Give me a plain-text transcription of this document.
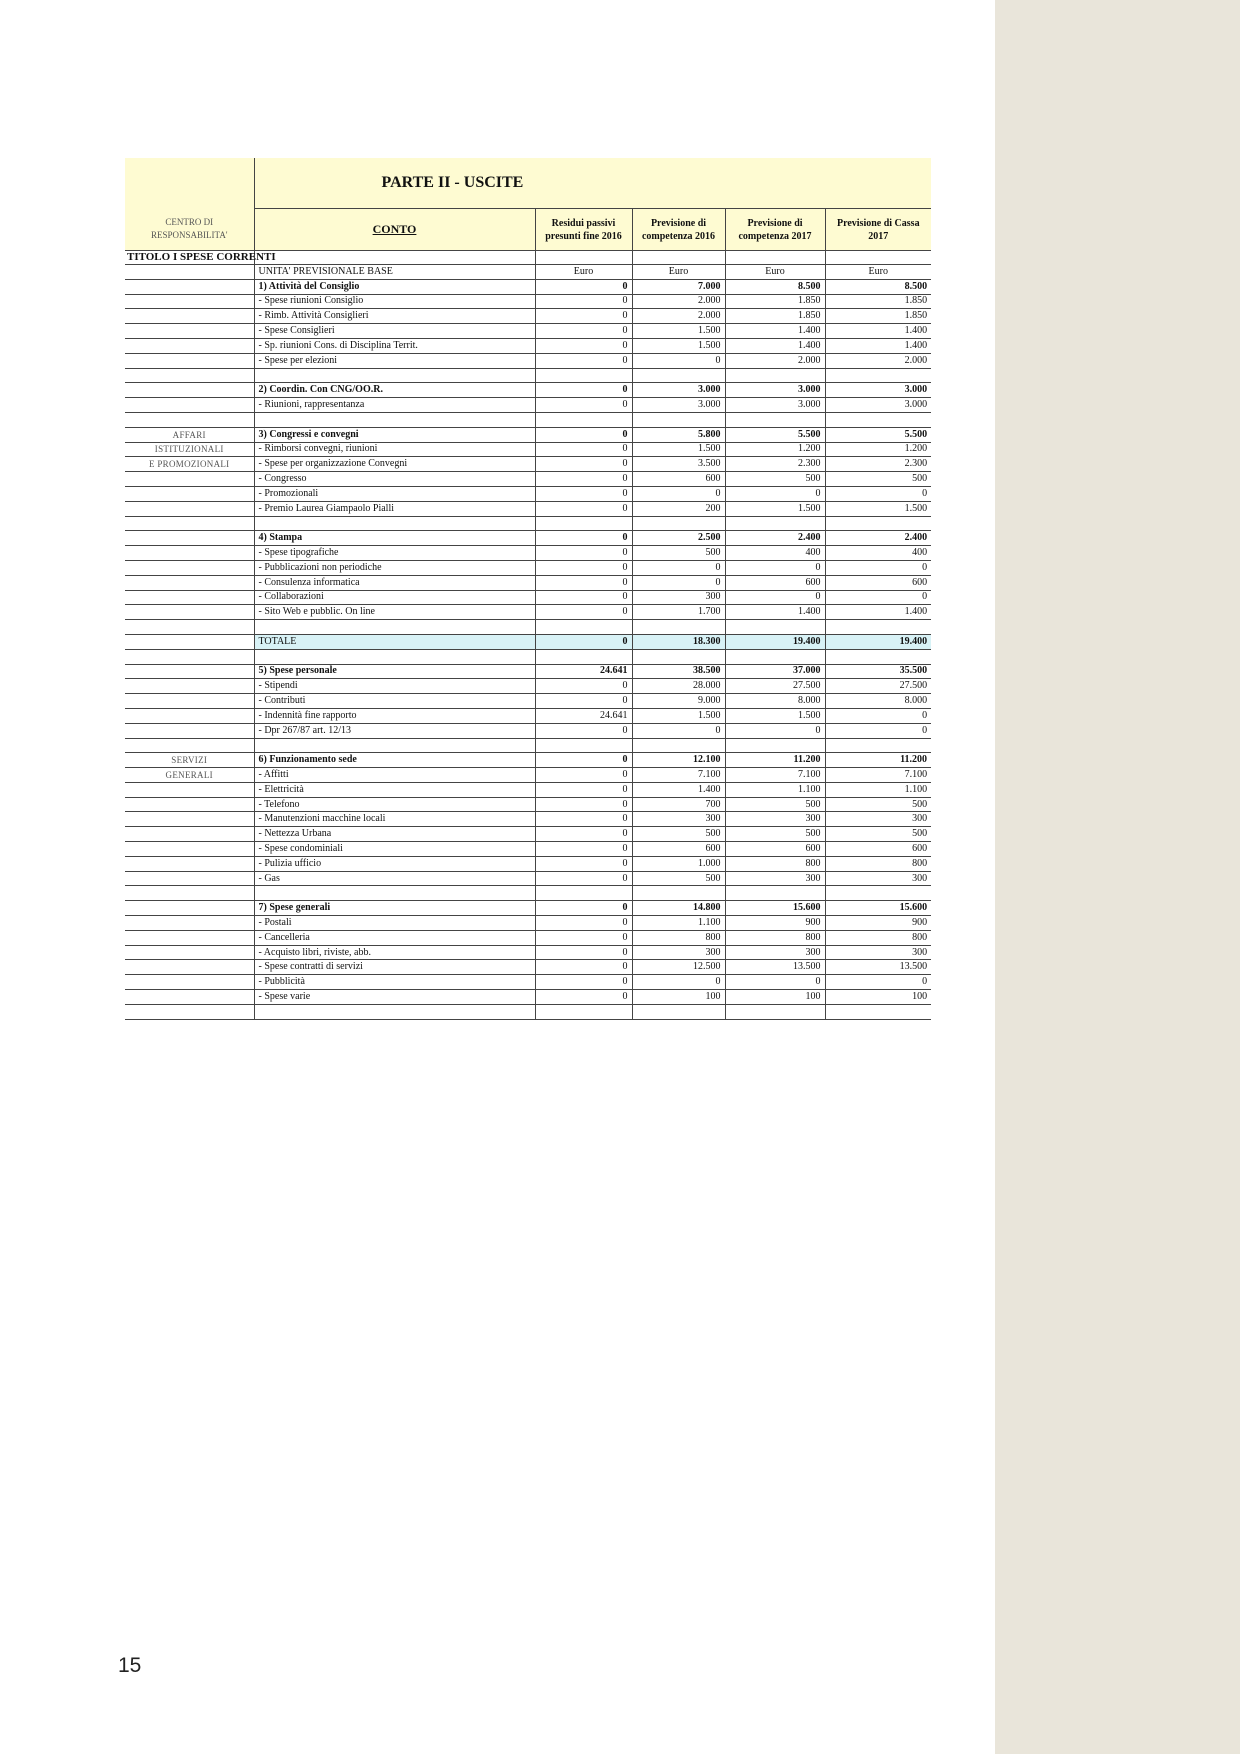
	PARTE II - USCITE				
CENTRO DI RESPONSABILITA'	CONTO	Residui passivi presunti fine 2016	Previsione di competenza 2016	Previsione di competenza 2017	Previsione di Cassa 2017

TITOLO I SPESE CORRENTI					

	UNITA' PREVISIONALE BASE	Euro	Euro	Euro	Euro
	1) Attività del Consiglio	0	7.000	8.500	8.500
	- Spese riunioni Consiglio	0	2.000	1.850	1.850
	- Rimb. Attività Consiglieri	0	2.000	1.850	1.850
	- Spese Consiglieri	0	1.500	1.400	1.400
	- Sp. riunioni Cons. di Disciplina Territ.	0	1.500	1.400	1.400
	- Spese per elezioni	0	0	2.000	2.000

	2) Coordin. Con CNG/OO.R.	0	3.000	3.000	3.000
	- Riunioni, rappresentanza	0	3.000	3.000	3.000

AFFARI	3) Congressi e convegni	0	5.800	5.500	5.500
ISTITUZIONALI	- Rimborsi convegni, riunioni	0	1.500	1.200	1.200
E PROMOZIONALI	- Spese per organizzazione Convegni	0	3.500	2.300	2.300
	- Congresso	0	600	500	500
	- Promozionali	0	0	0	0
	- Premio Laurea Giampaolo Pialli	0	200	1.500	1.500

	4) Stampa	0	2.500	2.400	2.400
	- Spese tipografiche	0	500	400	400
	- Pubblicazioni non periodiche	0	0	0	0
	- Consulenza informatica	0	0	600	600
	- Collaborazioni	0	300	0	0
	- Sito Web e pubblic. On line	0	1.700	1.400	1.400

	TOTALE	0	18.300	19.400	19.400

	5) Spese personale	24.641	38.500	37.000	35.500
	- Stipendi	0	28.000	27.500	27.500
	- Contributi	0	9.000	8.000	8.000
	- Indennità fine rapporto	24.641	1.500	1.500	0
	- Dpr 267/87 art. 12/13	0	0	0	0

SERVIZI	6) Funzionamento sede	0	12.100	11.200	11.200
GENERALI	- Affitti	0	7.100	7.100	7.100
	- Elettricità	0	1.400	1.100	1.100
	- Telefono	0	700	500	500
	- Manutenzioni macchine locali	0	300	300	300
	- Nettezza Urbana	0	500	500	500
	- Spese condominiali	0	600	600	600
	- Pulizia ufficio	0	1.000	800	800
	- Gas	0	500	300	300

	7) Spese generali	0	14.800	15.600	15.600
	- Postali	0	1.100	900	900
	- Cancelleria	0	800	800	800
	- Acquisto libri, riviste, abb.	0	300	300	300
	- Spese contratti di servizi	0	12.500	13.500	13.500
	- Pubblicità	0	0	0	0
	- Spese varie	0	100	100	100

15
